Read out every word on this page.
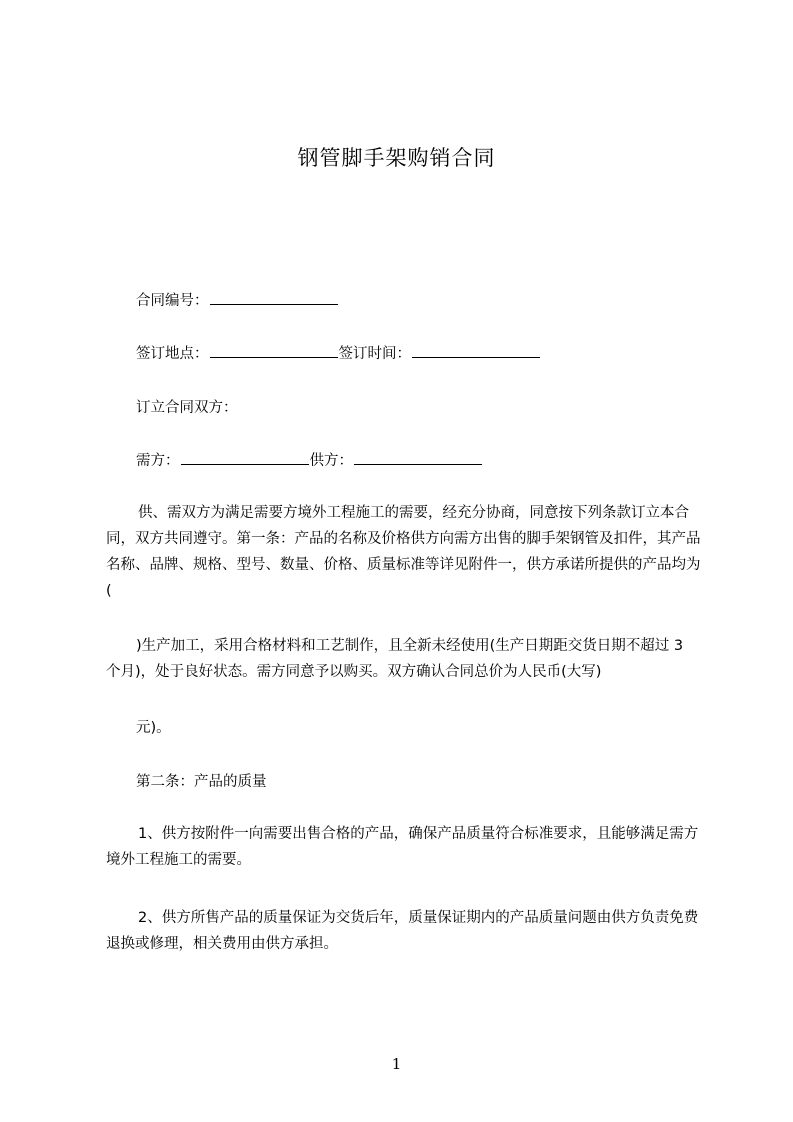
钢管脚手架购销合同
合同编号：
签订地点：	签订时间：
订立合同双方：
需方：	供方：
供、需双方为满足需要方境外工程施工的需要，经充分协商，同意按下列条款订立本合同，双方共同遵守。第一条：产品的名称及价格供方向需方出售的脚手架钢管及扣件，其产品名称、品牌、规格、型号、数量、价格、质量标准等详见附件一，供方承诺所提供的产品均为(
)生产加工，采用合格材料和工艺制作，且全新未经使用(生产日期距交货日期不超过 3 个月)，处于良好状态。需方同意予以购买。双方确认合同总价为人民币(大写)
元)。
第二条：产品的质量
1、供方按附件一向需要出售合格的产品，确保产品质量符合标准要求，且能够满足需方境外工程施工的需要。
2、供方所售产品的质量保证为交货后年，质量保证期内的产品质量问题由供方负责免费退换或修理，相关费用由供方承担。
1
